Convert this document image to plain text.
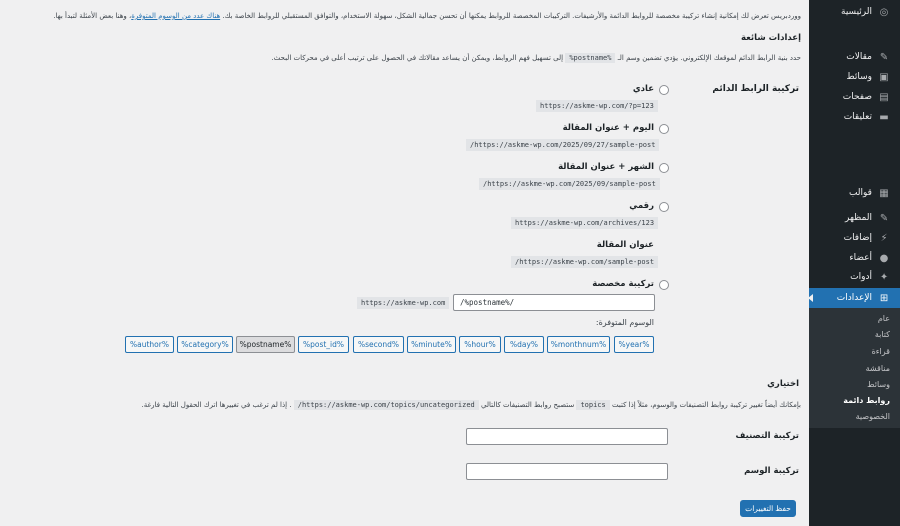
◎
الرئيسية
✎
مقالات
▣
وسائط
▤
صفحات
▬
تعليقات
▦
قوالب
✎
المظهر
⚡
إضافات
●
أعضاء
✦
أدوات
⊞
الإعدادات
عام
كتابة
قراءة
مناقشة
وسائط
روابط دائمة
الخصوصية
ووردبريس تعرض لك إمكانية إنشاء تركيبة مخصصة للروابط الدائمة والأرشيفات. التركيبات المخصصة للروابط يمكنها أن تحسن جمالية الشكل، سهولة الاستخدام، والتوافق المستقبلي للروابط الخاصة بك. هناك عدد من الوسوم المتوفرة، وهنا بعض الأمثلة لتبدأ بها.
إعدادات شائعة
حدد بنية الرابط الدائم لموقعك الإلكتروني. يؤدي تضمين وسم الـ %postname% إلى تسهيل فهم الروابط، ويمكن أن يساعد مقالاتك في الحصول على ترتيب أعلى في محركات البحث.
تركيبة الرابط الدائم
عادي
https://askme-wp.com/?p=123
اليوم + عنوان المقالة
https://askme-wp.com/2025/09/27/sample-post/
الشهر + عنوان المقالة
https://askme-wp.com/2025/09/sample-post/
رقمي
https://askme-wp.com/archives/123
عنوان المقالة
https://askme-wp.com/sample-post/
تركيبة مخصصة
https://askme-wp.com	/%postname%/
الوسوم المتوفرة:
%year%
%monthnum%
%day%
%hour%
%minute%
%second%
%post_id%
%postname%
%category%
%author%
اختياري
بإمكانك أيضاً تغيير تركيبة روابط التصنيفات والوسوم، مثلاً إذا كتبت topics ستصبح روابط التصنيفات كالتالي https://askme-wp.com/topics/uncategorized/ . إذا لم ترغب في تغييرها اترك الحقول التالية فارغة.
تركيبة التصنيف
تركيبة الوسم
حفظ التغييرات
